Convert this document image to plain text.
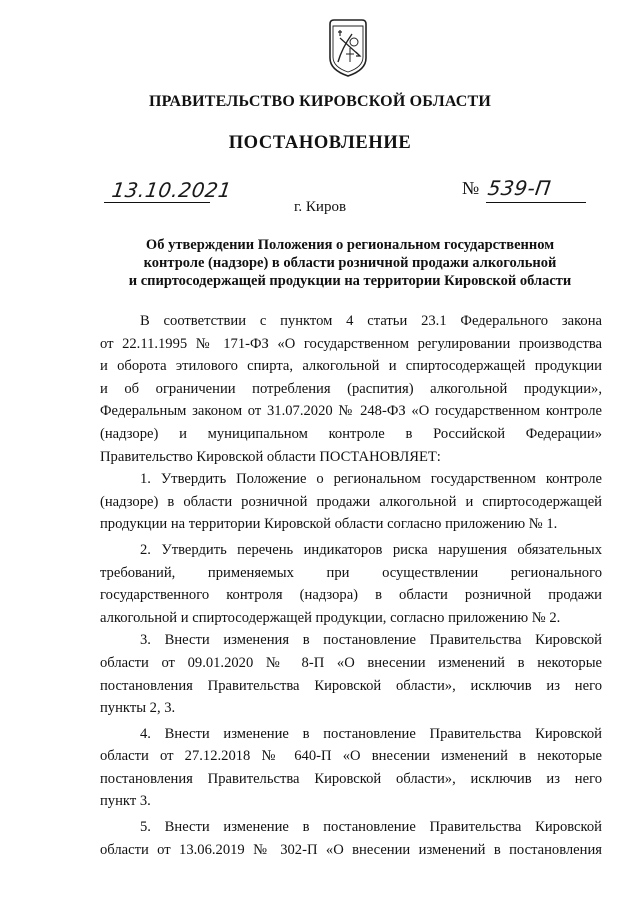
ПРАВИТЕЛЬСТВО КИРОВСКОЙ ОБЛАСТИ
ПОСТАНОВЛЕНИЕ
13.10.2021	№ 539-П
г. Киров
Об утверждении Положения о региональном государственном
контроле (надзоре) в области розничной продажи алкогольной
и спиртосодержащей продукции на территории Кировской области
В соответствии с пунктом 4 статьи 23.1 Федерального закона
от 22.11.1995 № 171-ФЗ «О государственном регулировании производства
и оборота этилового спирта, алкогольной и спиртосодержащей продукции
и об ограничении потребления (распития) алкогольной продукции»,
Федеральным законом от 31.07.2020 № 248-ФЗ «О государственном контроле
(надзоре) и муниципальном контроле в Российской Федерации»
Правительство Кировской области ПОСТАНОВЛЯЕТ:
1. Утвердить Положение о региональном государственном контроле
(надзоре) в области розничной продажи алкогольной и спиртосодержащей
продукции на территории Кировской области согласно приложению № 1.
2. Утвердить перечень индикаторов риска нарушения обязательных
требований, применяемых при осуществлении регионального
государственного контроля (надзора) в области розничной продажи
алкогольной и спиртосодержащей продукции, согласно приложению № 2.
3. Внести изменения в постановление Правительства Кировской
области от 09.01.2020 № 8-П «О внесении изменений в некоторые
постановления Правительства Кировской области», исключив из него
пункты 2, 3.
4. Внести изменение в постановление Правительства Кировской
области от 27.12.2018 № 640-П «О внесении изменений в некоторые
постановления Правительства Кировской области», исключив из него
пункт 3.
5. Внести изменение в постановление Правительства Кировской
области от 13.06.2019 № 302-П «О внесении изменений в постановления
